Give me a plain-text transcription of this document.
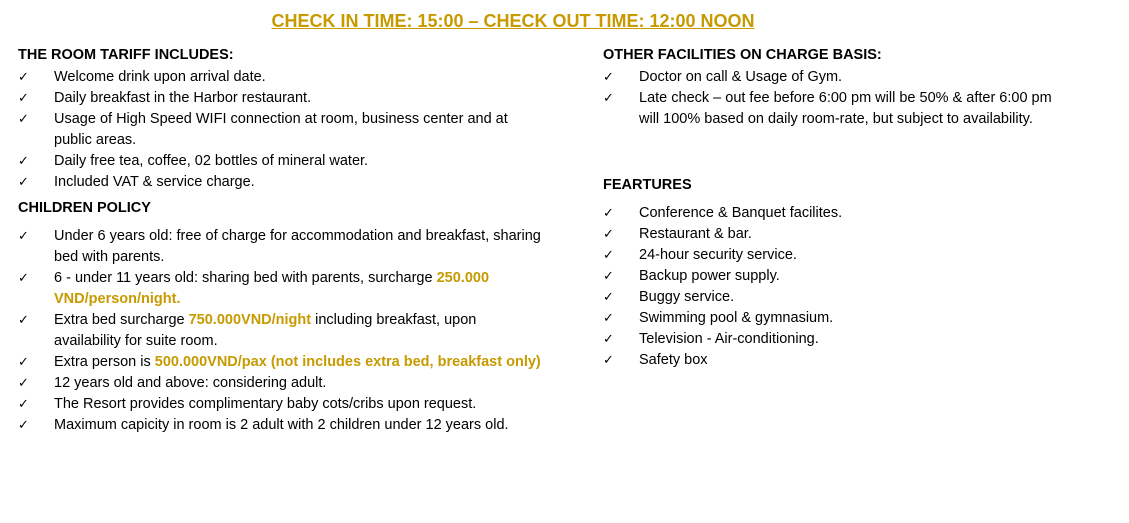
CHECK IN TIME: 15:00 – CHECK OUT TIME: 12:00 NOON
THE ROOM TARIFF INCLUDES:
✓ Welcome drink upon arrival date.
✓ Daily breakfast in the Harbor restaurant.
✓ Usage of High Speed WIFI connection at room, business center and at public areas.
✓ Daily free tea, coffee, 02 bottles of mineral water.
✓ Included VAT & service charge.
CHILDREN POLICY
✓ Under 6 years old: free of charge for accommodation and breakfast, sharing bed with parents.
✓ 6 - under 11 years old: sharing bed with parents, surcharge 250.000 VND/person/night.
✓ Extra bed surcharge 750.000VND/night including breakfast, upon availability for suite room.
✓ Extra person is 500.000VND/pax (not includes extra bed, breakfast only)
✓ 12 years old and above: considering adult.
✓ The Resort provides complimentary baby cots/cribs upon request.
✓ Maximum capicity in room is 2 adult with 2 children under 12 years old.
OTHER FACILITIES ON CHARGE BASIS:
✓ Doctor on call & Usage of Gym.
✓ Late check – out fee before 6:00 pm will be 50% & after 6:00 pm will 100% based on daily room-rate, but subject to availability.
FEARTURES
✓ Conference & Banquet facilites.
✓ Restaurant & bar.
✓ 24-hour security service.
✓ Backup power supply.
✓ Buggy service.
✓ Swimming pool & gymnasium.
✓ Television - Air-conditioning.
✓ Safety box
